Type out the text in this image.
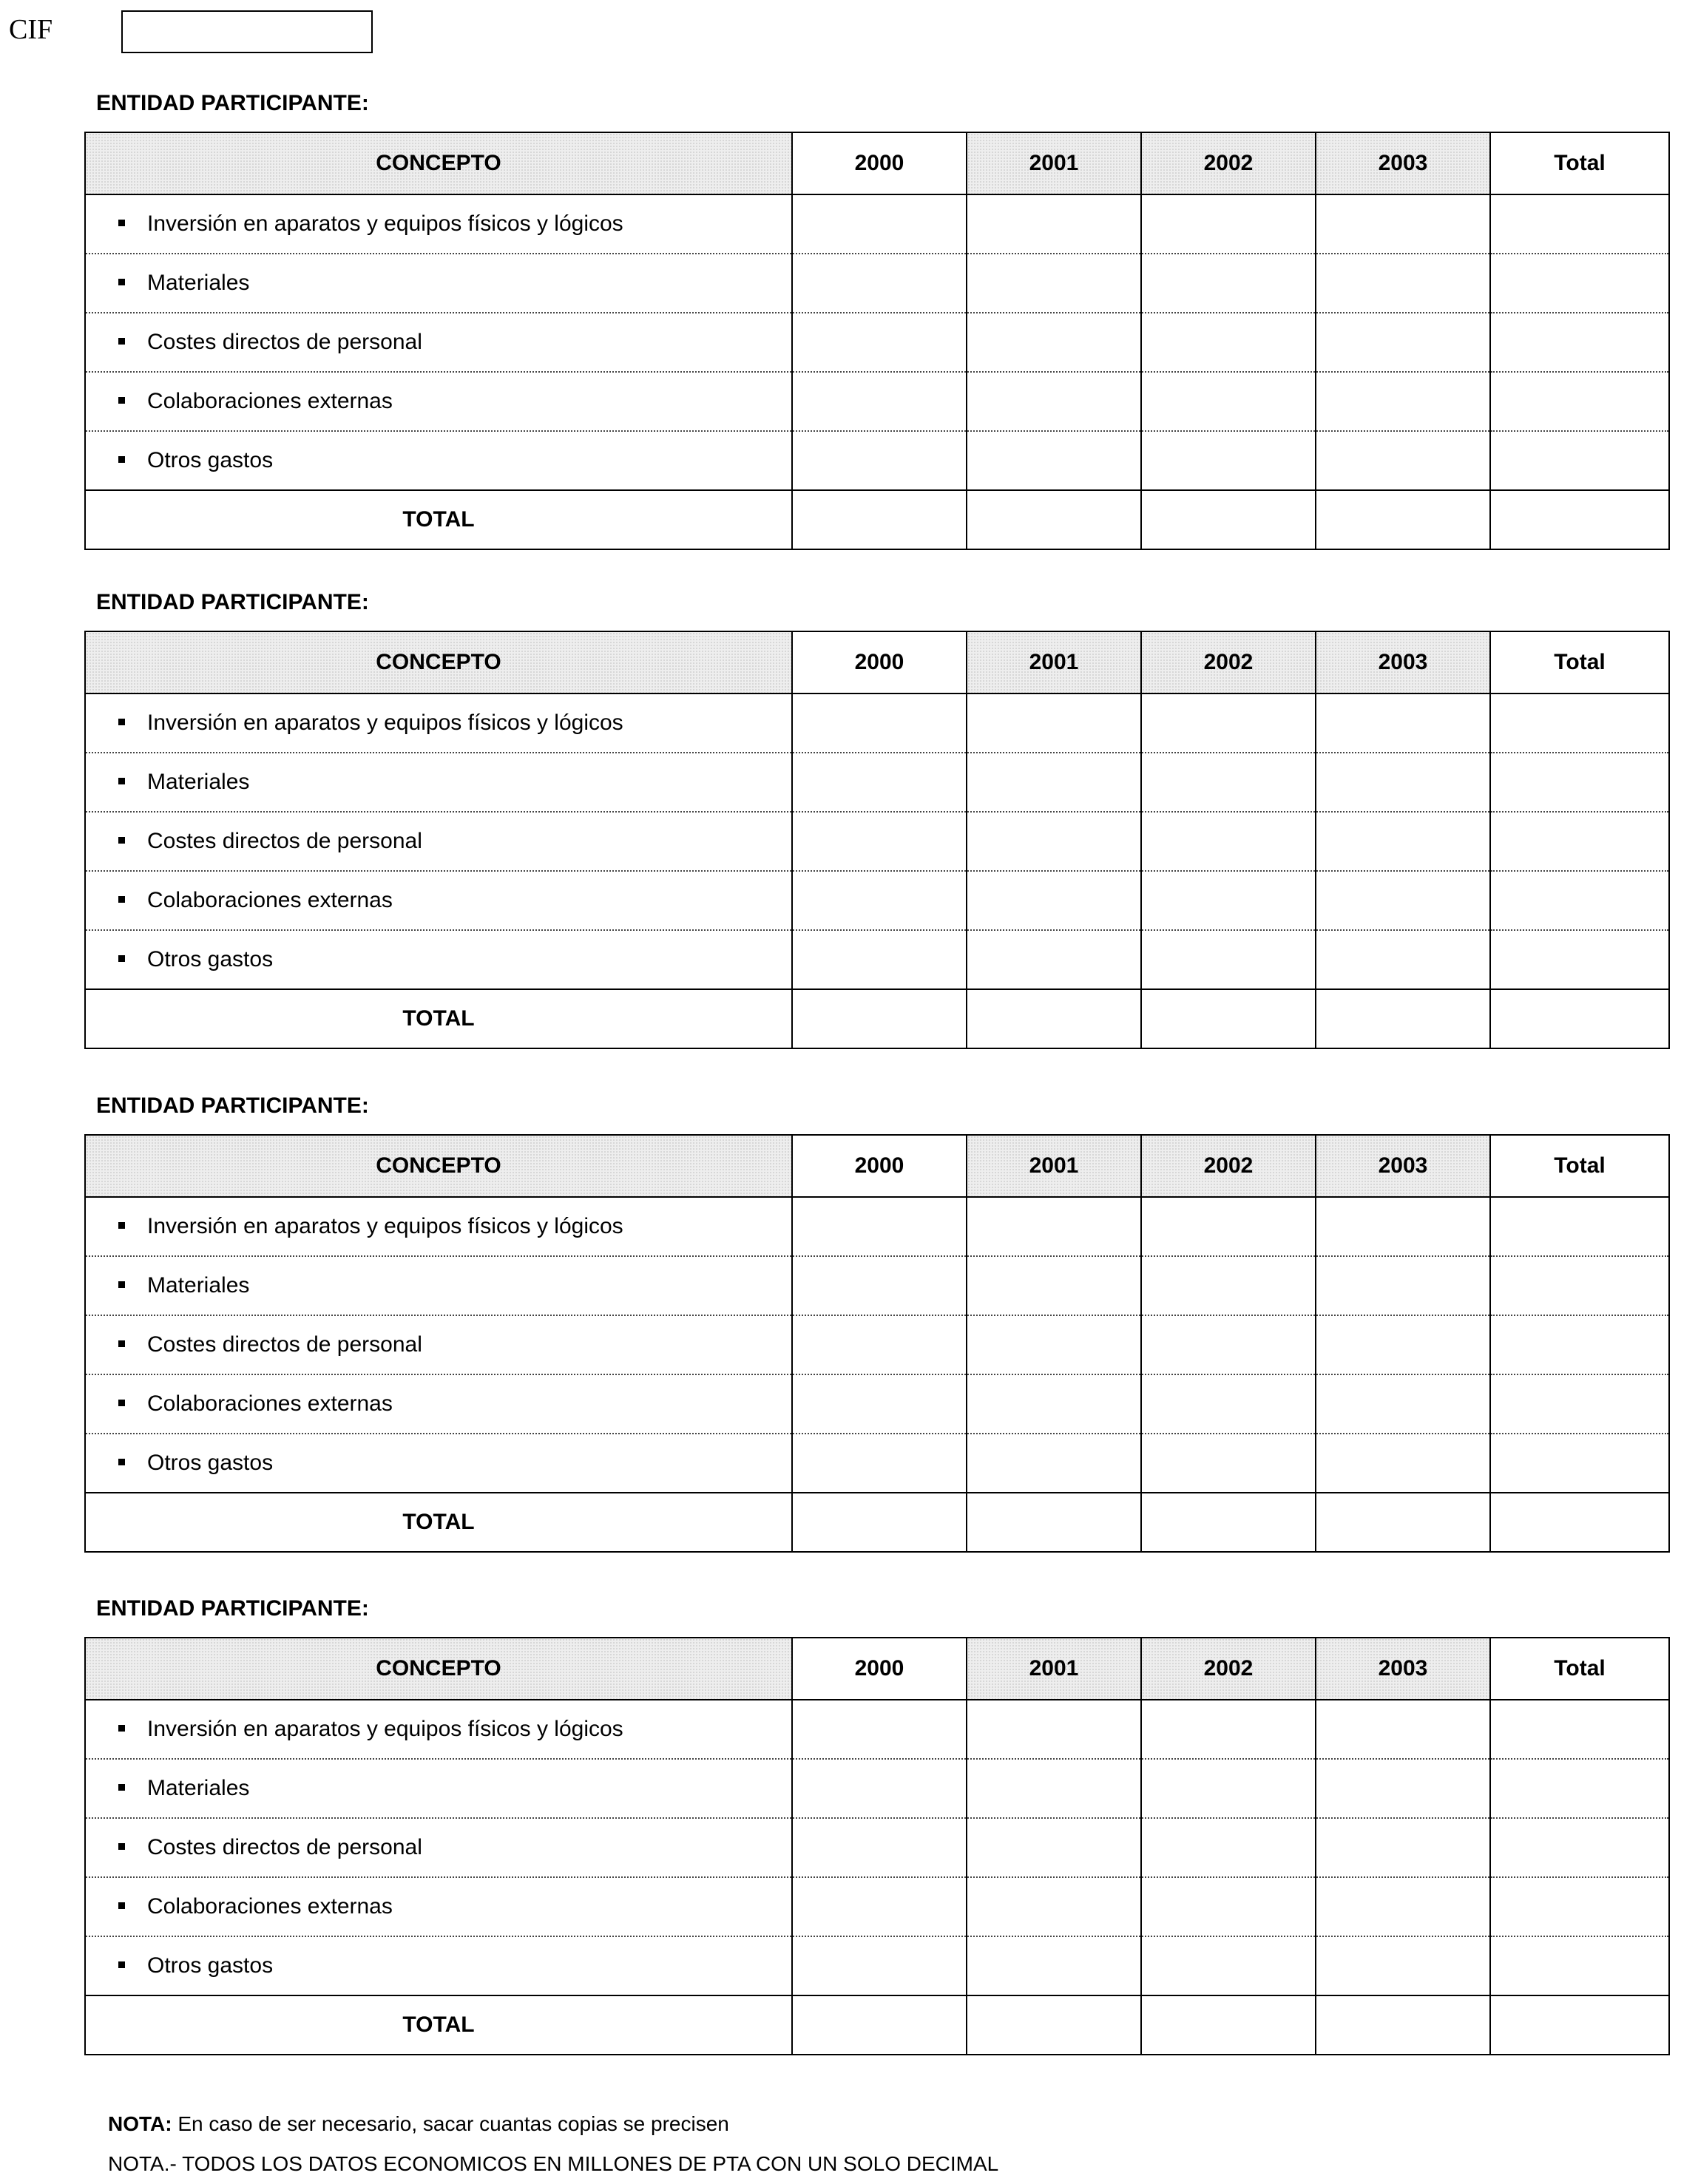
CIF
ENTIDAD PARTICIPANTE:
CONCEPTO	2000	2001	2002	2003	Total
Inversión en aparatos y equipos físicos y lógicos					
Materiales					
Costes directos de personal					
Colaboraciones externas					
Otros gastos					
TOTAL					
ENTIDAD PARTICIPANTE:
CONCEPTO	2000	2001	2002	2003	Total
Inversión en aparatos y equipos físicos y lógicos					
Materiales					
Costes directos de personal					
Colaboraciones externas					
Otros gastos					
TOTAL					
ENTIDAD PARTICIPANTE:
CONCEPTO	2000	2001	2002	2003	Total
Inversión en aparatos y equipos físicos y lógicos					
Materiales					
Costes directos de personal					
Colaboraciones externas					
Otros gastos					
TOTAL					
ENTIDAD PARTICIPANTE:
CONCEPTO	2000	2001	2002	2003	Total
Inversión en aparatos y equipos físicos y lógicos					
Materiales					
Costes directos de personal					
Colaboraciones externas					
Otros gastos					
TOTAL					
NOTA: En caso de ser necesario, sacar cuantas copias se precisen
NOTA.- TODOS LOS DATOS ECONOMICOS EN MILLONES DE PTA CON UN SOLO DECIMAL
